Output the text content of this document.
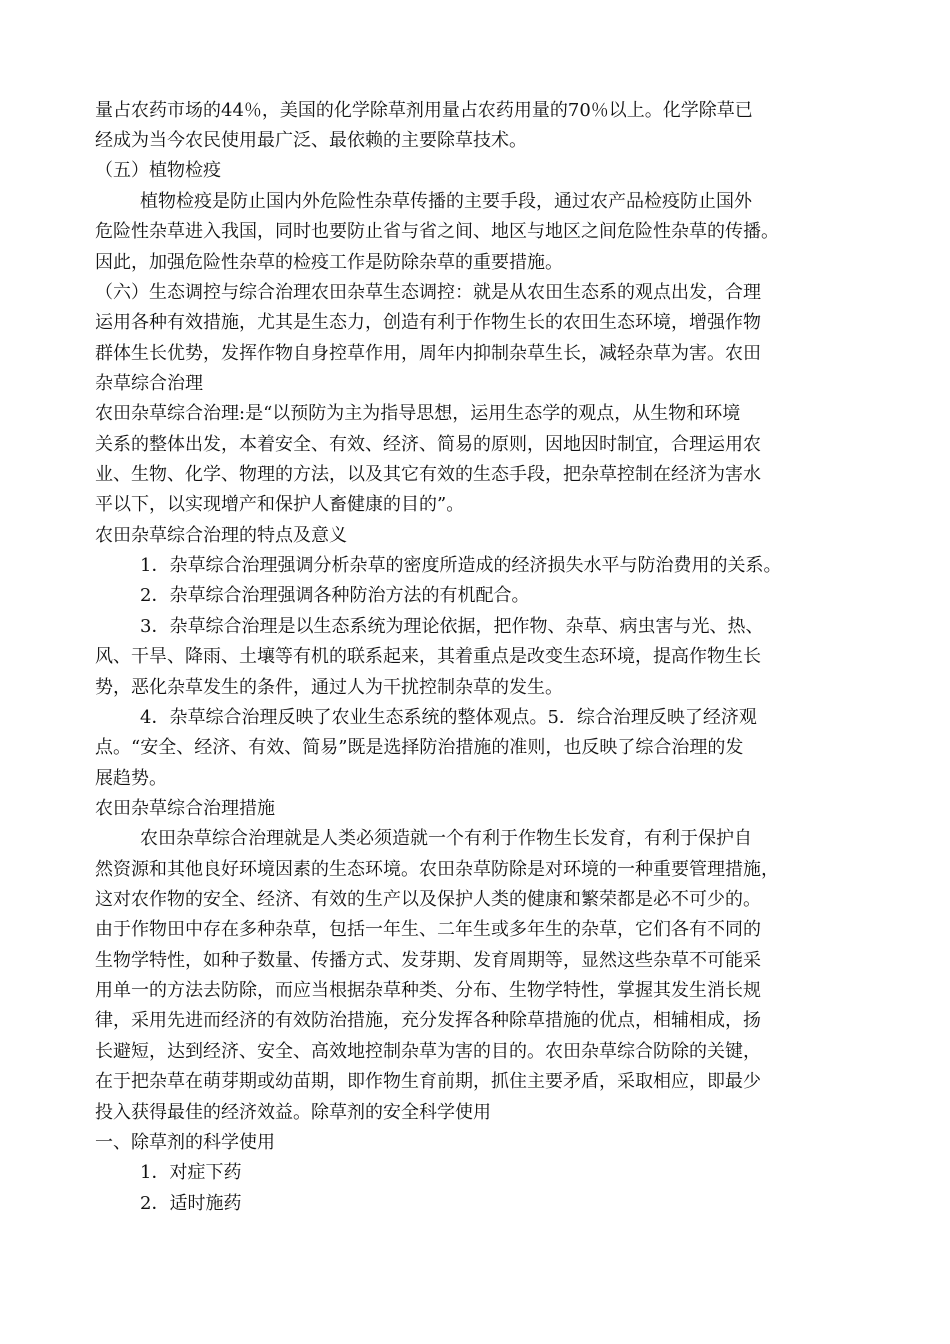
量占农药市场的44％，美国的化学除草剂用量占农药用量的70％以上。化学除草已
经成为当今农民使用最广泛、最依赖的主要除草技术。
（五）植物检疫
植物检疫是防止国内外危险性杂草传播的主要手段，通过农产品检疫防止国外
危险性杂草进入我国，同时也要防止省与省之间、地区与地区之间危险性杂草的传播。
因此，加强危险性杂草的检疫工作是防除杂草的重要措施。
（六）生态调控与综合治理农田杂草生态调控：就是从农田生态系的观点出发，合理
运用各种有效措施，尤其是生态力，创造有利于作物生长的农田生态环境，增强作物
群体生长优势，发挥作物自身控草作用，周年内抑制杂草生长，减轻杂草为害。农田
杂草综合治理
农田杂草综合治理:是“以预防为主为指导思想，运用生态学的观点，从生物和环境
关系的整体出发，本着安全、有效、经济、简易的原则，因地因时制宜，合理运用农
业、生物、化学、物理的方法，以及其它有效的生态手段，把杂草控制在经济为害水
平以下，以实现增产和保护人畜健康的目的”。
农田杂草综合治理的特点及意义
1．杂草综合治理强调分析杂草的密度所造成的经济损失水平与防治费用的关系。
2．杂草综合治理强调各种防治方法的有机配合。
3．杂草综合治理是以生态系统为理论依据，把作物、杂草、病虫害与光、热、
风、干旱、降雨、土壤等有机的联系起来，其着重点是改变生态环境，提高作物生长
势，恶化杂草发生的条件，通过人为干扰控制杂草的发生。
4．杂草综合治理反映了农业生态系统的整体观点。5．综合治理反映了经济观
点。“安全、经济、有效、简易”既是选择防治措施的准则，也反映了综合治理的发
展趋势。
农田杂草综合治理措施
农田杂草综合治理就是人类必须造就一个有利于作物生长发育，有利于保护自
然资源和其他良好环境因素的生态环境。农田杂草防除是对环境的一种重要管理措施，
这对农作物的安全、经济、有效的生产以及保护人类的健康和繁荣都是必不可少的。
由于作物田中存在多种杂草，包括一年生、二年生或多年生的杂草，它们各有不同的
生物学特性，如种子数量、传播方式、发芽期、发育周期等，显然这些杂草不可能采
用单一的方法去防除，而应当根据杂草种类、分布、生物学特性，掌握其发生消长规
律，采用先进而经济的有效防治措施，充分发挥各种除草措施的优点，相辅相成，扬
长避短，达到经济、安全、高效地控制杂草为害的目的。农田杂草综合防除的关键，
在于把杂草在萌芽期或幼苗期，即作物生育前期，抓住主要矛盾，采取相应，即最少
投入获得最佳的经济效益。除草剂的安全科学使用
一、除草剂的科学使用
1．对症下药
2．适时施药
